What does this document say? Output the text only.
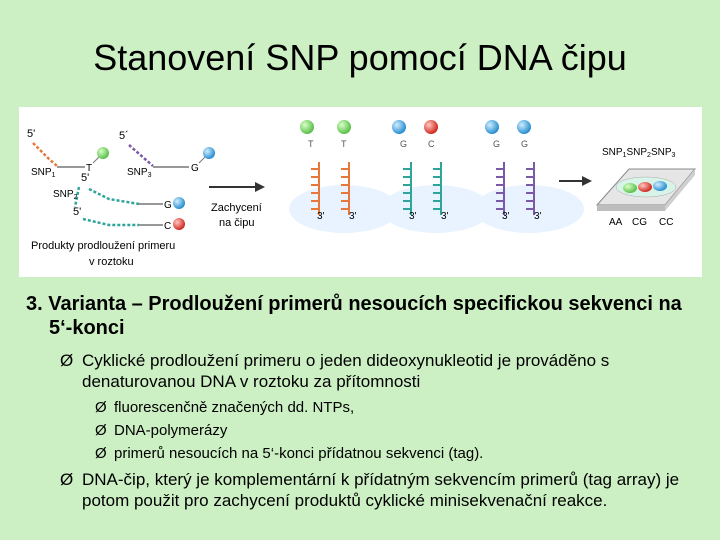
Stanovení SNP pomocí DNA čipu
5'
$SNP_1$
T
5´
$SNP_3$
G
5'
$SNP_2$
5'
G
C
Produkty prodloužení primeru
v roztoku
Zachycení
na čipu
T	T
3' 3'
G C
3' 3'
G G
3' 3'
$SNP_1SNP_2SNP_3$
AA CG CC
3. Varianta – Prodloužení primerů nesoucích specifickou sekvenci na 5‘-konci
Ø Cyklické prodloužení primeru o jeden dideoxynukleotid je prováděno s denaturovanou DNA v roztoku za přítomnosti
Ø fluorescenčně značených dd. NTPs,
Ø DNA-polymerázy
Ø primerů nesoucích na 5‘-konci přídatnou sekvenci (tag).
Ø DNA-čip, který je komplementární k přídatným sekvencím primerů (tag array) je potom použit pro zachycení produktů cyklické minisekvenační reakce.
